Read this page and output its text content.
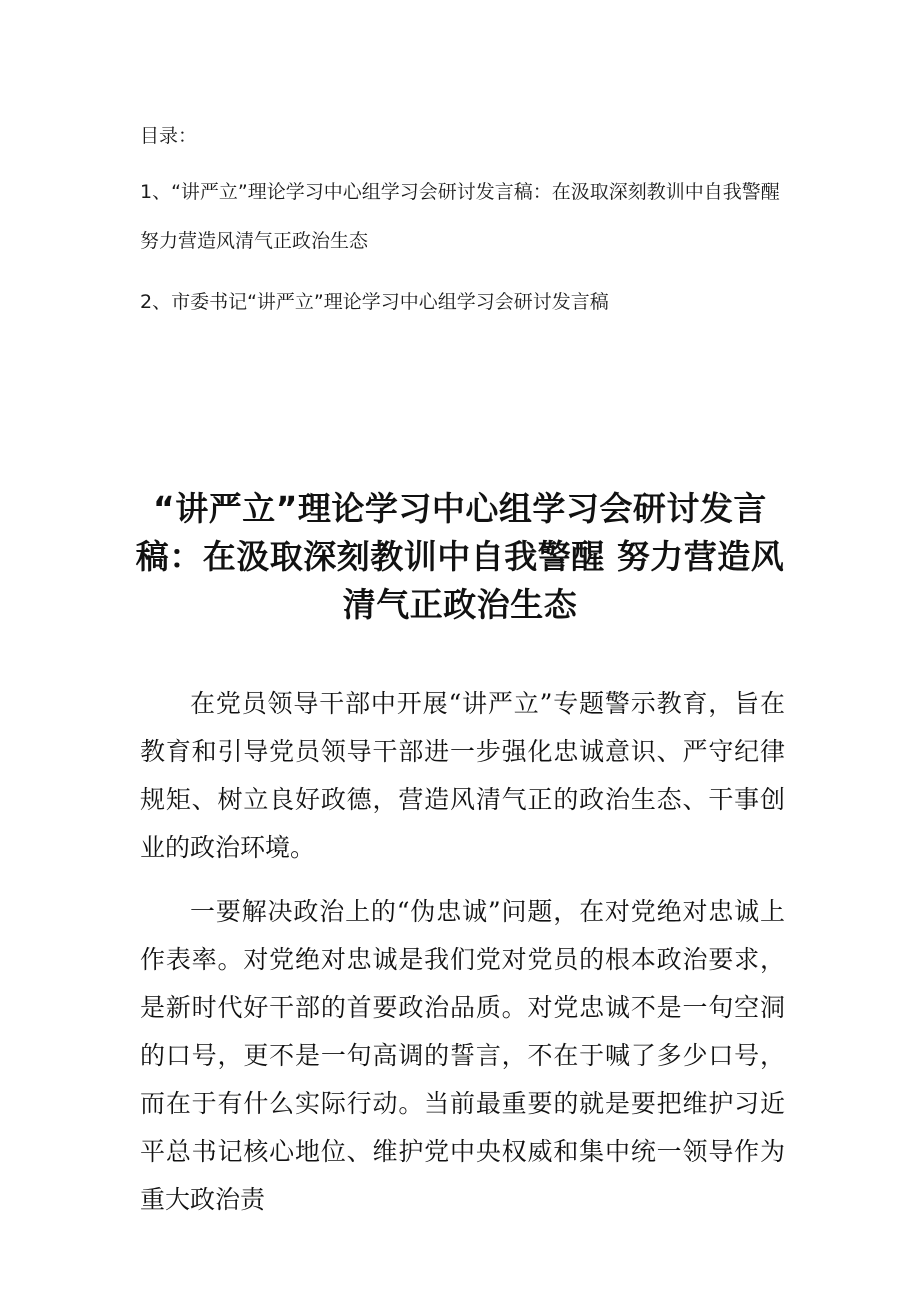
目录：

1、“讲严立”理论学习中心组学习会研讨发言稿：在汲取深刻教训中自我警醒 努力营造风清气正政治生态

2、市委书记“讲严立”理论学习中心组学习会研讨发言稿

“讲严立”理论学习中心组学习会研讨发言稿：在汲取深刻教训中自我警醒 努力营造风清气正政治生态

在党员领导干部中开展“讲严立”专题警示教育，旨在教育和引导党员领导干部进一步强化忠诚意识、严守纪律规矩、树立良好政德，营造风清气正的政治生态、干事创业的政治环境。

一要解决政治上的“伪忠诚”问题，在对党绝对忠诚上作表率。对党绝对忠诚是我们党对党员的根本政治要求，是新时代好干部的首要政治品质。对党忠诚不是一句空洞的口号，更不是一句高调的誓言，不在于喊了多少口号，而在于有什么实际行动。当前最重要的就是要把维护习近平总书记核心地位、维护党中央权威和集中统一领导作为重大政治责
